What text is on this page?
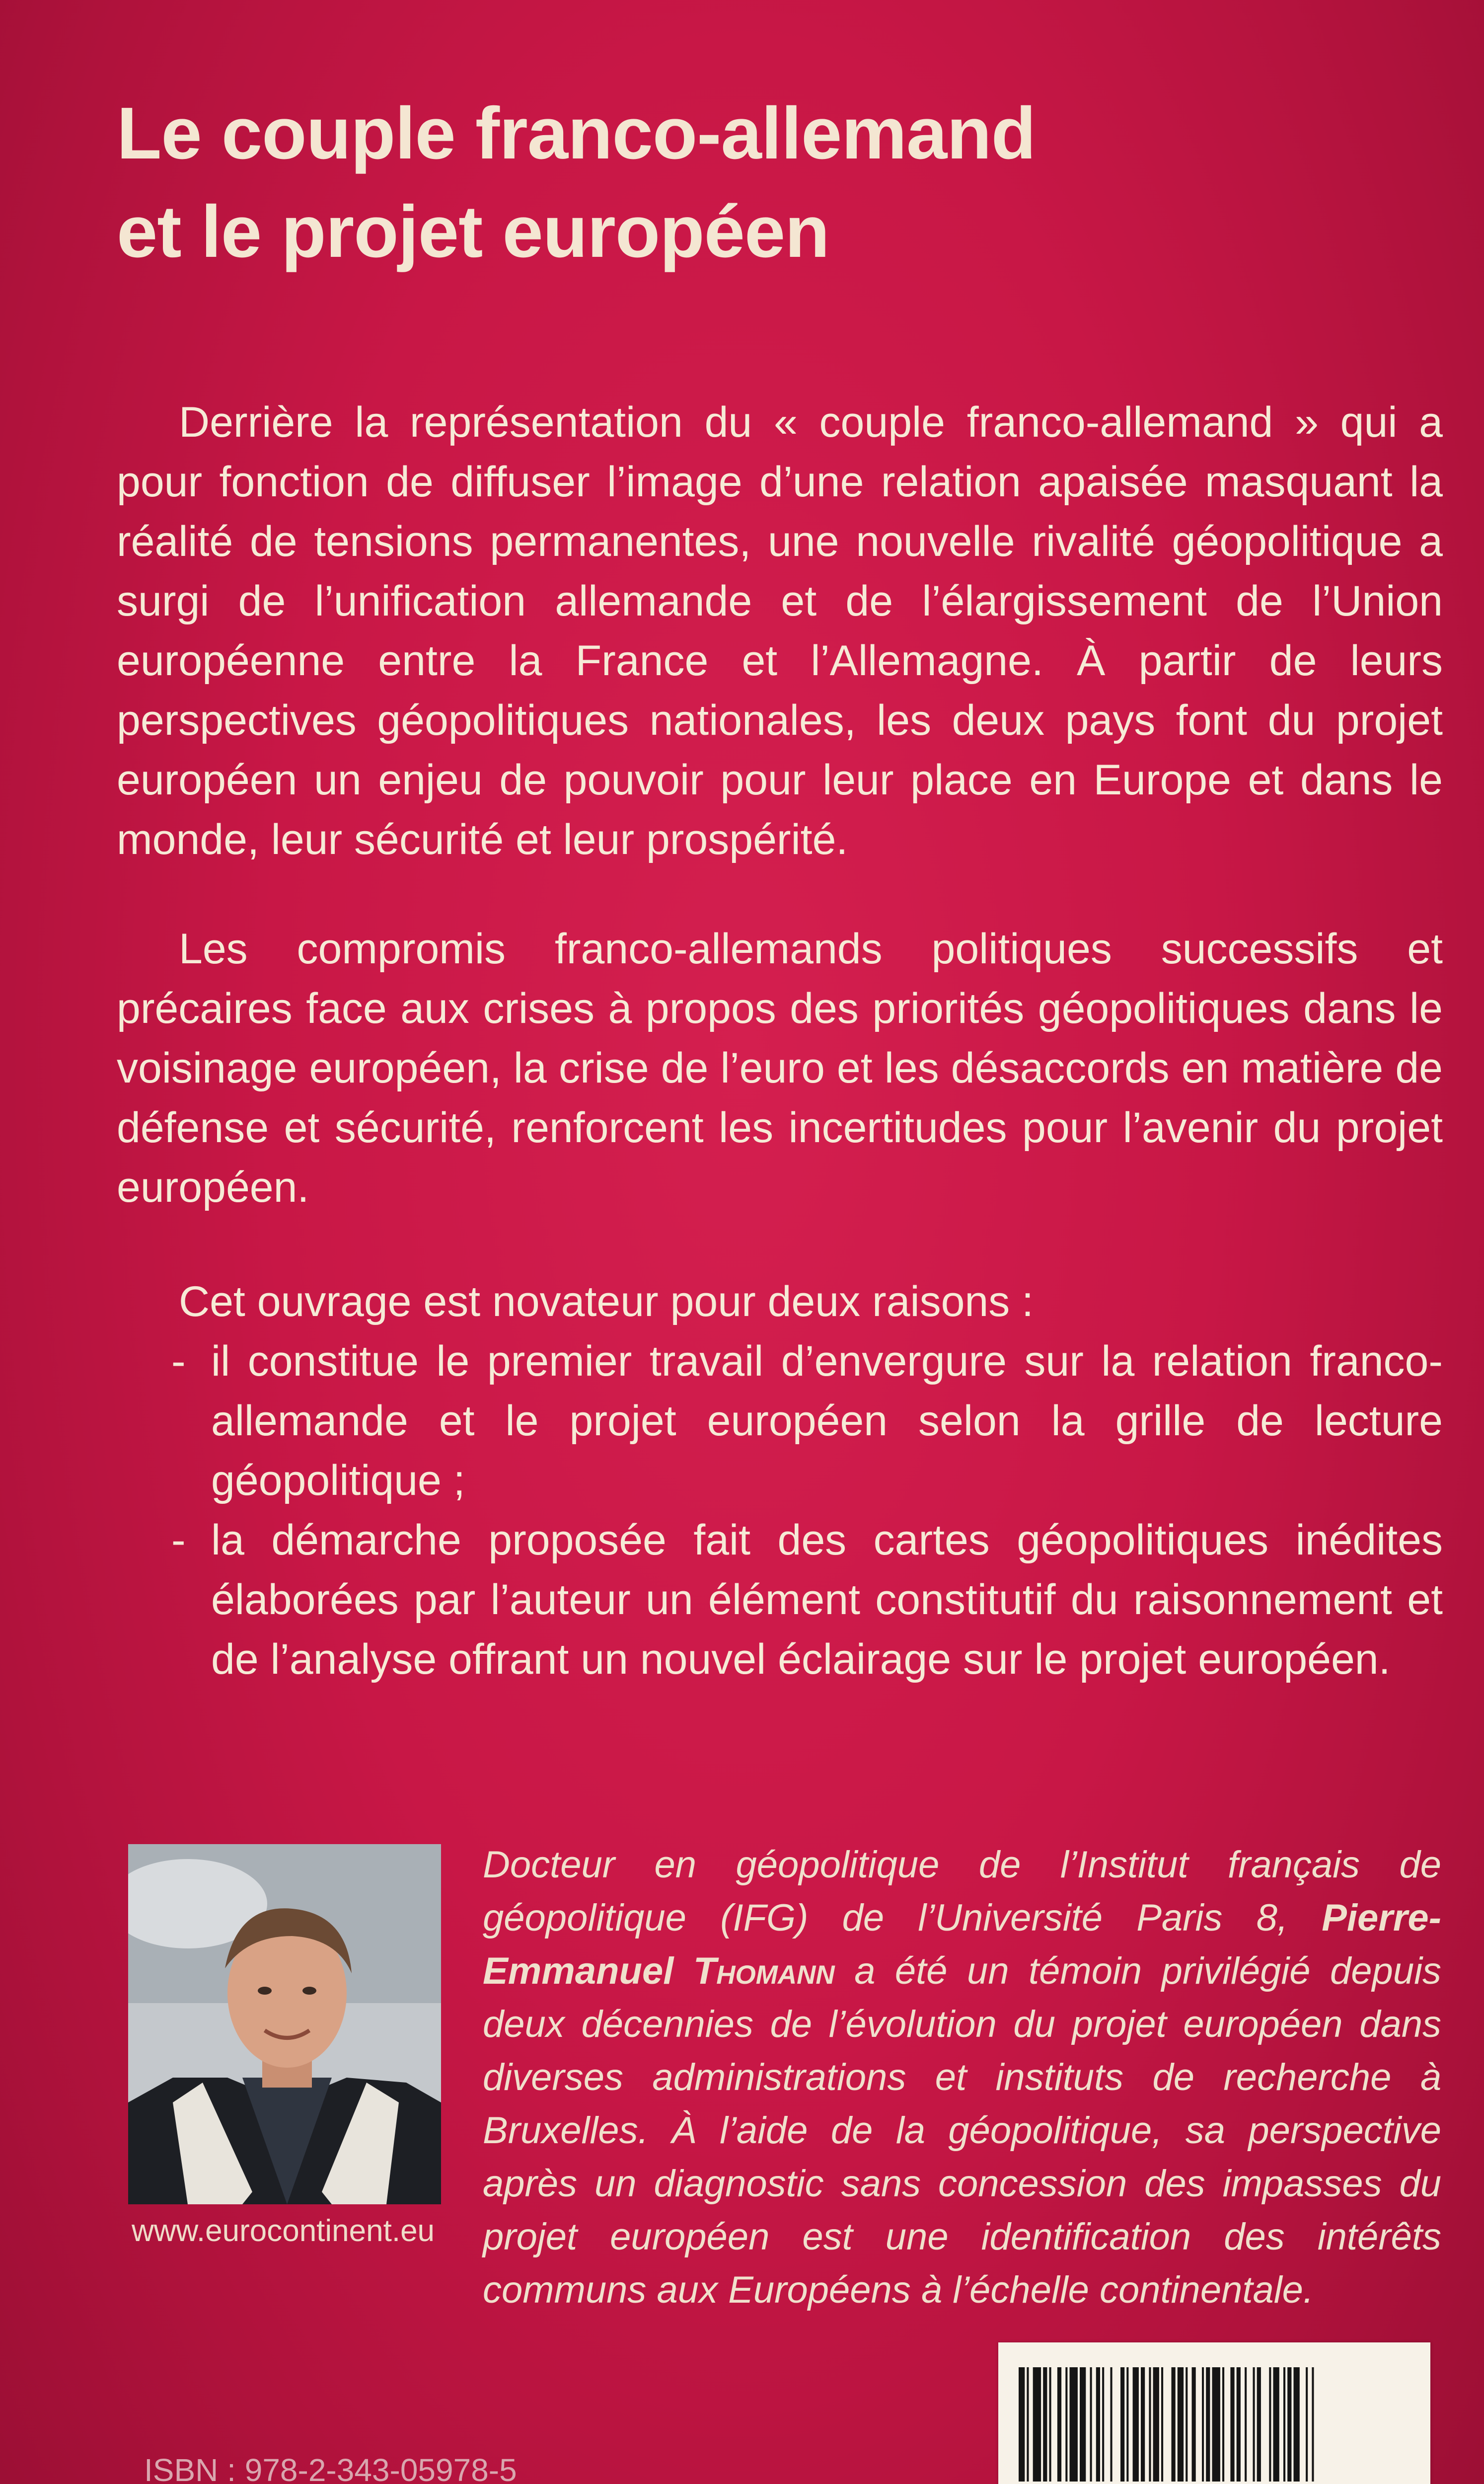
Le couple franco-allemand
et le projet européen
Derrière la représentation du « couple franco-allemand » qui a pour fonction de diffuser l’image d’une relation apaisée masquant la réalité de tensions permanentes, une nouvelle rivalité géopolitique a surgi de l’unification allemande et de l’élargissement de l’Union européenne entre la France et l’Allemagne. À partir de leurs perspectives géopolitiques nationales, les deux pays font du projet européen un enjeu de pouvoir pour leur place en Europe et dans le monde, leur sécurité et leur prospérité.
Les compromis franco-allemands politiques successifs et précaires face aux crises à propos des priorités géopolitiques dans le voisinage européen, la crise de l’euro et les désaccords en matière de défense et sécurité, renforcent les incertitudes pour l’avenir du projet européen.
Cet ouvrage est novateur pour deux raisons :
- il constitue le premier travail d’envergure sur la relation franco-allemande et le projet européen selon la grille de lecture géopolitique ;
- la démarche proposée fait des cartes géopolitiques inédites élaborées par l’auteur un élément constitutif du raisonnement et de l’analyse offrant un nouvel éclairage sur le projet européen.
www.eurocontinent.eu
Docteur en géopolitique de l’Institut français de géopolitique (IFG) de l’Université Paris 8, Pierre-Emmanuel Thomann a été un témoin privilégié depuis deux décennies de l’évolution du projet européen dans diverses administrations et instituts de recherche à Bruxelles. À l’aide de la géopolitique, sa perspective après un diagnostic sans concession des impasses du projet européen est une identification des intérêts communs aux Européens à l’échelle continentale.
ISBN : 978-2-343-05978-5
